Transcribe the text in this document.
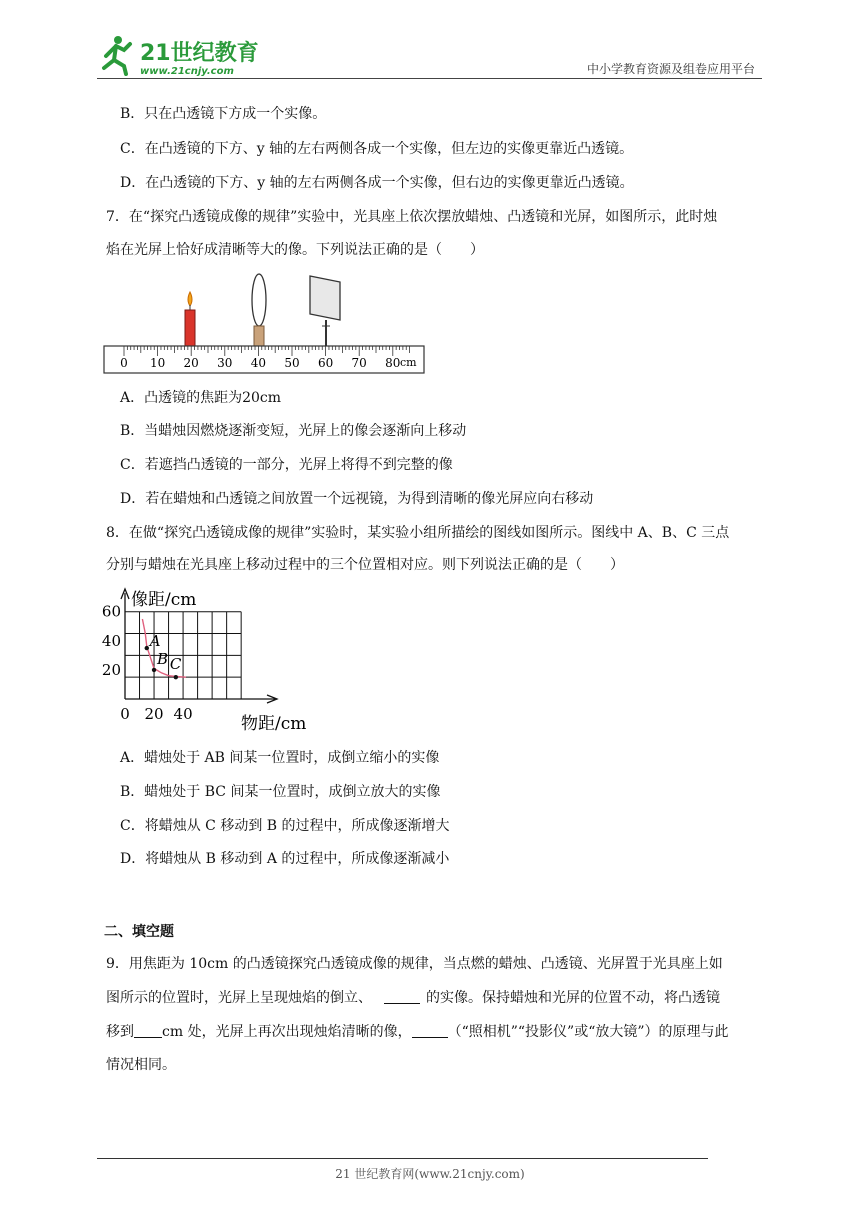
21世纪教育
www.21cnjy.com	中小学教育资源及组卷应用平台
B．只在凸透镜下方成一个实像。
C．在凸透镜的下方、y 轴的左右两侧各成一个实像，但左边的实像更靠近凸透镜。
D．在凸透镜的下方、y 轴的左右两侧各成一个实像，但右边的实像更靠近凸透镜。
7．在“探究凸透镜成像的规律”实验中，光具座上依次摆放蜡烛、凸透镜和光屏，如图所示，此时烛
焰在光屏上恰好成清晰等大的像。下列说法正确的是（　　）
0 10 20 30 40 50 60 70 80 cm
A．凸透镜的焦距为20cm
B．当蜡烛因燃烧逐渐变短，光屏上的像会逐渐向上移动
C．若遮挡凸透镜的一部分，光屏上将得不到完整的像
D．若在蜡烛和凸透镜之间放置一个远视镜，为得到清晰的像光屏应向右移动
8．在做“探究凸透镜成像的规律”实验时，某实验小组所描绘的图线如图所示。图线中 A、B、C 三点
分别与蜡烛在光具座上移动过程中的三个位置相对应。则下列说法正确的是（　　）
20
40
60
0 20 40
像距/cm
物距/cm
A
B C
A．蜡烛处于 AB 间某一位置时，成倒立缩小的实像
B．蜡烛处于 BC 间某一位置时，成倒立放大的实像
C．将蜡烛从 C 移动到 B 的过程中，所成像逐渐增大
D．将蜡烛从 B 移动到 A 的过程中，所成像逐渐减小
二、填空题
9．用焦距为 10cm 的凸透镜探究凸透镜成像的规律，当点燃的蜡烛、凸透镜、光屏置于光具座上如
图所示的位置时，光屏上呈现烛焰的倒立、	的实像。保持蜡烛和光屏的位置不动，将凸透镜
移到 cm 处，光屏上再次出现烛焰清晰的像，	（“照相机”“投影仪”或“放大镜”）的原理与此
情况相同。
21 世纪教育网(www.21cnjy.com)
